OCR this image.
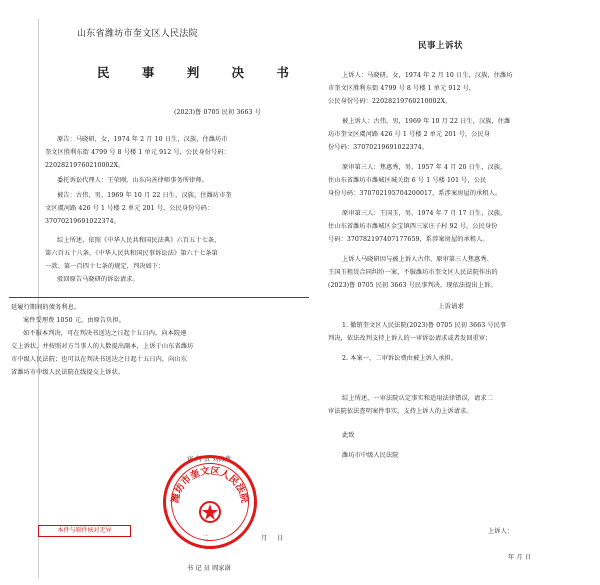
山东省潍坊市奎文区人民法院
民 事 判 决 书
(2023)鲁 0705 民初 3663 号
原告：马晓研，女，1974 年 2 月 10 日生，汉族，住潍坊市
奎文区胜利东街 4799 号 8 号楼 1 单元 912 号，公民身份号码：
22028219760210002X。
委托诉讼代理人：王荣刚，山东向善律师事务所律师。
被告：古伟，男，1969 年 10 月 22 日生，汉族，住潍坊市奎
文区虞河路 426 号 1 号楼 2 单元 201 号，公民身份号码：
37070219691022374。
综上所述，依照《中华人民共和国民法典》六百五十七条、
第六百五十八条，《中华人民共和国民事诉讼法》第六十七条第
一款、第一百四十七条的规定，判决如下：
驳回原告马晓研的诉讼请求。
延履行期间的债务利息。
案件受理费 1050 元，由原告负担。
如不服本判决，可在判决书送达之日起十五日内，向本院递
交上诉状，并按照对方当事人的人数提出副本，上诉于山东省潍坊
市中级人民法院；也可以在判决书送达之日起十五日内，向山东
省潍坊市中级人民法院在线提交上诉状。
审 判 员 刘海燕
二	月 日
书 记 员 阎家澍
潍坊市奎文区人民法院
本件与原件核对无异
民事上诉状
上诉人：马晓研，女，1974 年 2 月 10 日生，汉族，住潍坊
市奎文区胜利东街 4799 号 8 号楼 1 单元 912 号，
公民身份号码：22028219760210002X。
被上诉人：古伟，男，1969 年 10 月 22 日生，汉族，住潍
坊市奎文区虞河路 426 号 1 号楼 2 单元 201 号，公民身
份号码：37070219691022374。
原审第三人：焦惠秀，男，1957 年 4 月 20 日生，汉族，
住山东省潍坊市潍城区城关街 6 号 1 号楼 101 号，公民
身份号码：370702195704200017，系涉案房屋的承租人。
原审第三人：王国玉，男，1974 年 7 月 17 日生，汉族，
住山东省潍坊市潍城区金宝镇西三家庄子村 92 号，公民身份
号码：370782197407177659，系涉案房屋的承租人。
上诉人马晓研因与被上诉人古伟、原审第三人焦惠秀、
王国玉租赁合同纠纷一案，不服潍坊市奎文区人民法院作出的
(2023)鲁 0705 民初 3663 号民事判决，现依法提出上诉。
上诉请求
1. 撤销奎文区人民法院(2023)鲁 0705 民初 3663 号民事
判决，依法改判支持上诉人的一审诉讼请求或者发回重审；
2. 本案一、二审诉讼费由被上诉人承担。
综上所述，一审法院认定事实和适用法律错误，请求二
审法院依法查明案件事实，支持上诉人的上诉请求。
此致
潍坊市中级人民法院
上诉人：
年 月 日
